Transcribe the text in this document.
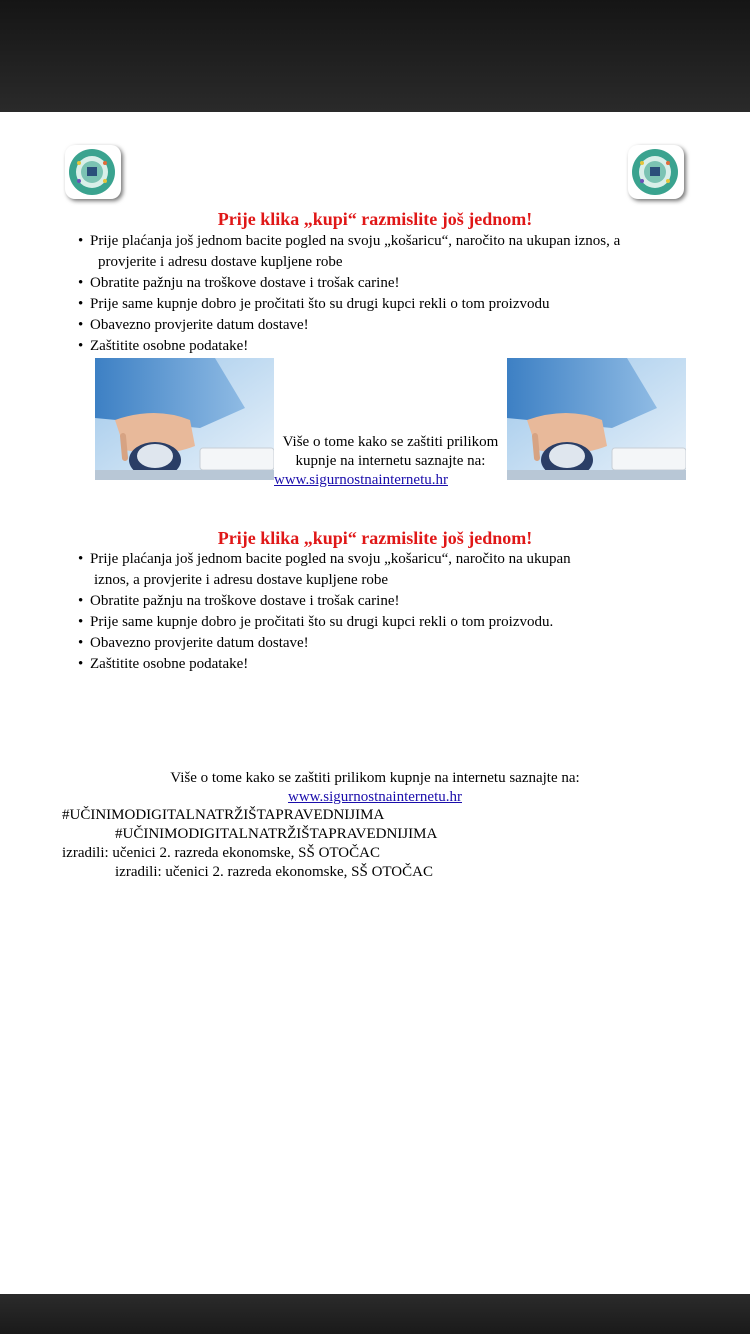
Prije klika „kupi“ razmislite još jednom!
• Prije plaćanja još jednom bacite pogled na svoju „košaricu“, naročito na ukupan iznos, a
provjerite i adresu dostave kupljene robe
• Obratite pažnju na troškove dostave i trošak carine!
• Prije same kupnje dobro je pročitati što su drugi kupci rekli o tom proizvodu
• Obavezno provjerite datum dostave!
• Zaštitite osobne podatake!
Više o tome kako se zaštiti prilikom
kupnje na internetu saznajte na:
www.sigurnostnainternetu.hr
Prije klika „kupi“ razmislite još jednom!
• Prije plaćanja još jednom bacite pogled na svoju „košaricu“, naročito na ukupan
iznos, a provjerite i adresu dostave kupljene robe
• Obratite pažnju na troškove dostave i trošak carine!
• Prije same kupnje dobro je pročitati što su drugi kupci rekli o tom proizvodu.
• Obavezno provjerite datum dostave!
• Zaštitite osobne podatake!
Više o tome kako se zaštiti prilikom kupnje na internetu saznajte na:
www.sigurnostnainternetu.hr
#UČINIMODIGITALNATRŽIŠTAPRAVEDNIJIMA
#UČINIMODIGITALNATRŽIŠTAPRAVEDNIJIMA
izradili: učenici 2. razreda ekonomske, SŠ OTOČAC
izradili: učenici 2. razreda ekonomske, SŠ OTOČAC
